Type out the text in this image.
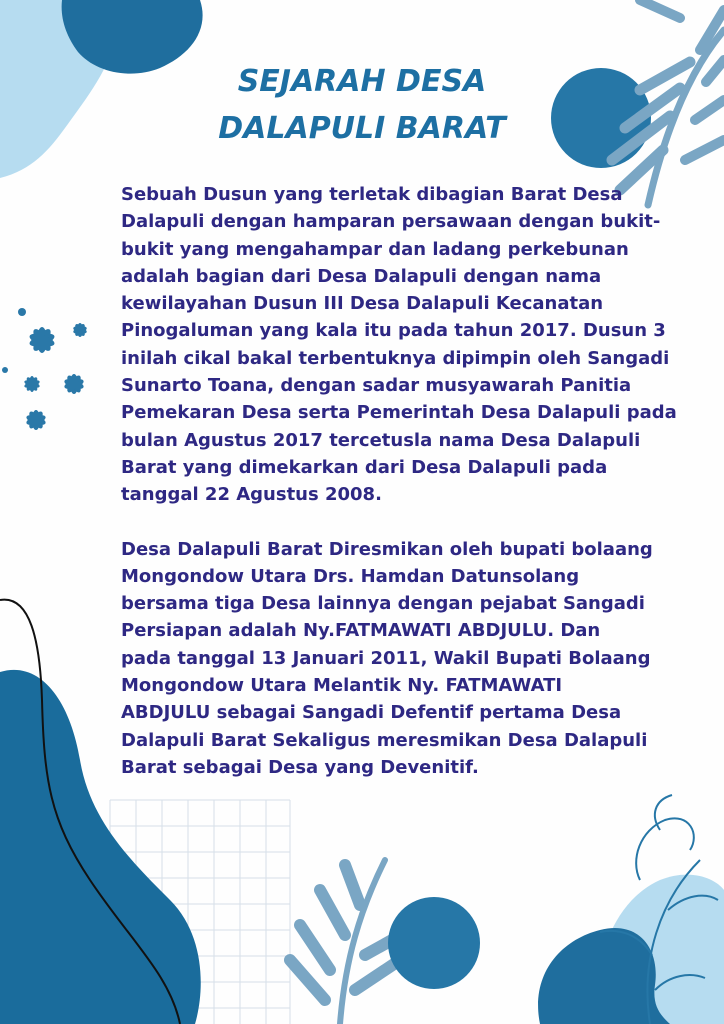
SEJARAH DESA
DALAPULI BARAT
Sebuah Dusun yang terletak dibagian Barat Desa
Dalapuli dengan hamparan persawaan dengan bukit-
bukit yang mengahampar dan ladang perkebunan
adalah bagian dari Desa Dalapuli dengan nama
kewilayahan Dusun III Desa Dalapuli Kecanatan
Pinogaluman yang kala itu pada tahun 2017. Dusun 3
inilah cikal bakal terbentuknya dipimpin oleh Sangadi
Sunarto Toana, dengan sadar musyawarah Panitia
Pemekaran Desa serta Pemerintah Desa Dalapuli pada
bulan Agustus 2017 tercetusla nama Desa Dalapuli
Barat yang dimekarkan dari Desa Dalapuli pada
tanggal 22 Agustus 2008.
Desa Dalapuli Barat Diresmikan oleh bupati bolaang
Mongondow Utara Drs. Hamdan Datunsolang
bersama tiga Desa lainnya dengan pejabat Sangadi
Persiapan adalah Ny.FATMAWATI ABDJULU. Dan
pada tanggal 13 Januari 2011, Wakil Bupati Bolaang
Mongondow Utara Melantik Ny. FATMAWATI
ABDJULU sebagai Sangadi Defentif pertama Desa
Dalapuli Barat Sekaligus meresmikan Desa Dalapuli
Barat sebagai Desa yang Devenitif.
